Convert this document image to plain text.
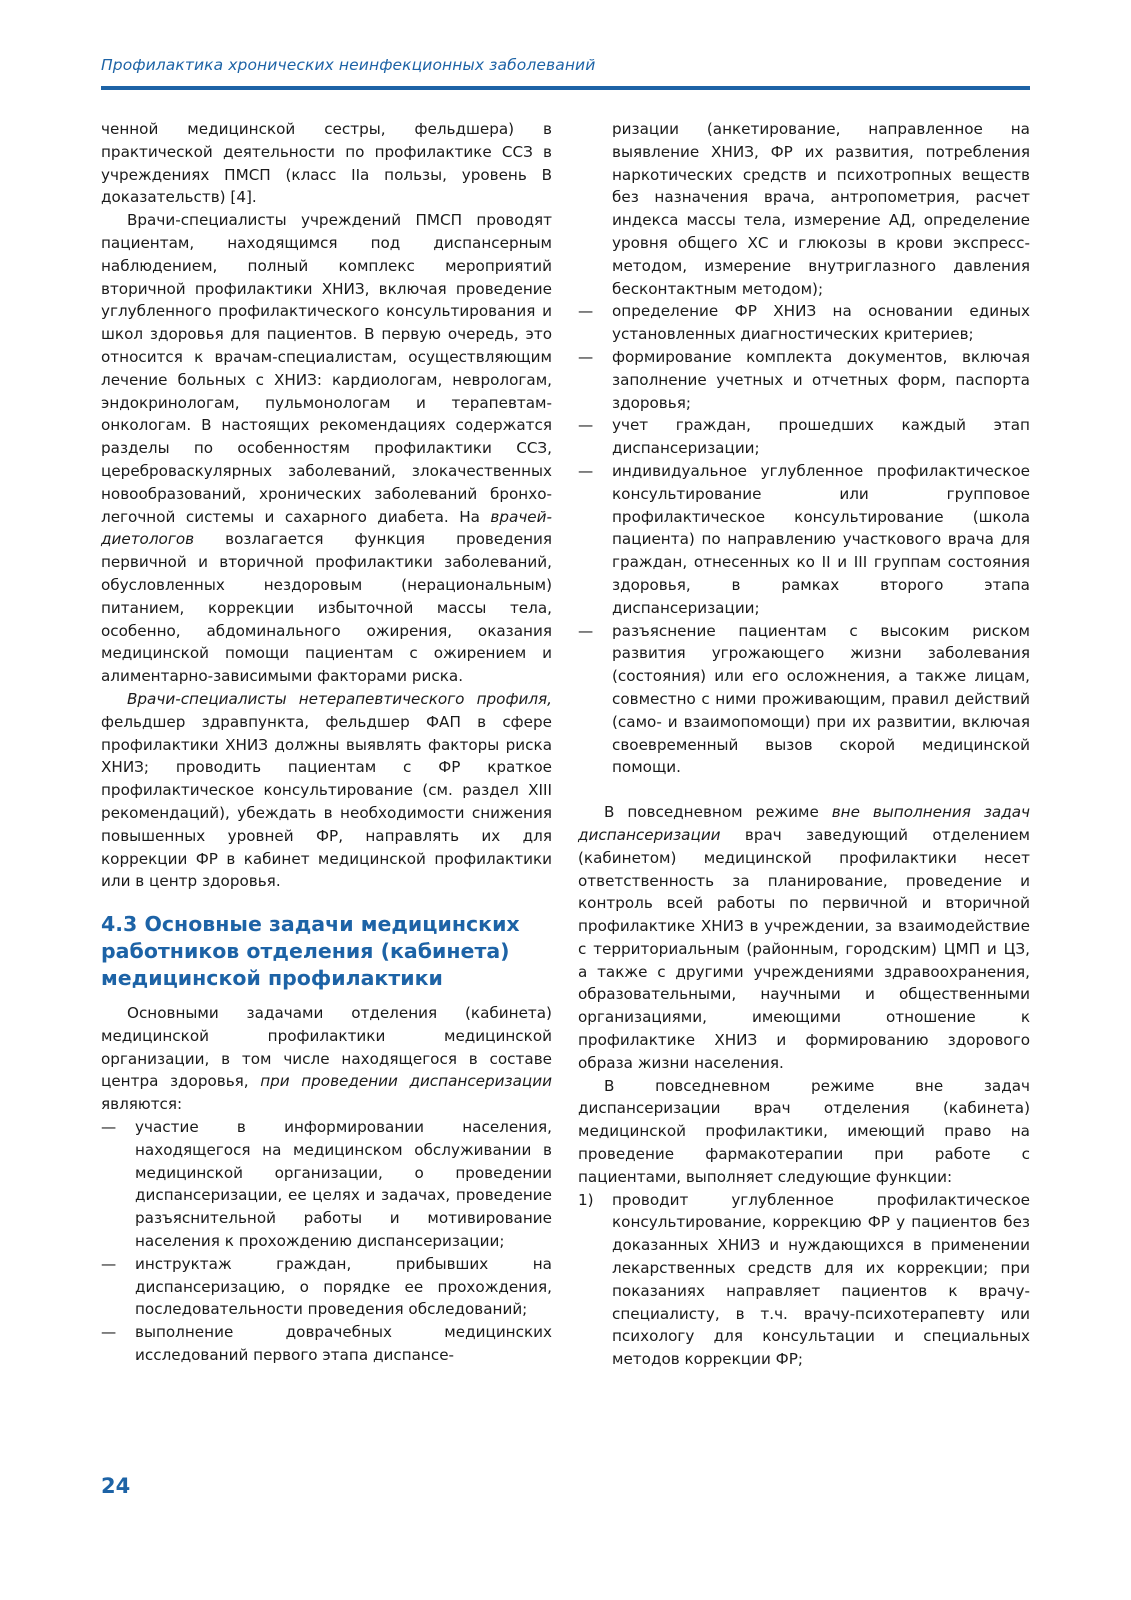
Профилактика хронических неинфекционных заболеваний

ченной медицинской сестры, фельдшера) в практической деятельности по профилактике ССЗ в учреждениях ПМСП (класс IIа пользы, уровень B доказательств) [4].

Врачи-специалисты учреждений ПМСП проводят пациентам, находящимся под диспансерным наблюдением, полный комплекс мероприятий вторичной профилактики ХНИЗ, включая проведение углубленного профилактического консультирования и школ здоровья для пациентов. В первую очередь, это относится к врачам-специалистам, осуществляющим лечение больных с ХНИЗ: кардиологам, неврологам, эндокринологам, пульмонологам и терапевтам-онкологам. В настоящих рекомендациях содержатся разделы по особенностям профилактики ССЗ, цереброваскулярных заболеваний, злокачественных новообразований, хронических заболеваний бронхо-легочной системы и сахарного диабета. На врачей-диетологов возлагается функция проведения первичной и вторичной профилактики заболеваний, обусловленных нездоровым (нерациональным) питанием, коррекции избыточной массы тела, особенно, абдоминального ожирения, оказания медицинской помощи пациентам с ожирением и алиментарно-зависимыми факторами риска.

Врачи-специалисты нетерапевтического профиля, фельдшер здравпункта, фельдшер ФАП в сфере профилактики ХНИЗ должны выявлять факторы риска ХНИЗ; проводить пациентам с ФР краткое профилактическое консультирование (см. раздел XIII рекомендаций), убеждать в необходимости снижения повышенных уровней ФР, направлять их для коррекции ФР в кабинет медицинской профилактики или в центр здоровья.

4.3 Основные задачи медицинских работников отделения (кабинета) медицинской профилактики

Основными задачами отделения (кабинета) медицинской профилактики медицинской организации, в том числе находящегося в составе центра здоровья, при проведении диспансеризации являются:

—	участие в информировании населения, находящегося на медицинском обслуживании в медицинской организации, о проведении диспансеризации, ее целях и задачах, проведение разъяснительной работы и мотивирование населения к прохождению диспансеризации;
—	инструктаж граждан, прибывших на диспансеризацию, о порядке ее прохождения, последовательности проведения обследований;
—	выполнение доврачебных медицинских исследований первого этапа диспансе-

ризации (анкетирование, направленное на выявление ХНИЗ, ФР их развития, потребления наркотических средств и психотропных веществ без назначения врача, антропометрия, расчет индекса массы тела, измерение АД, определение уровня общего ХС и глюкозы в крови экспресс-методом, измерение внутриглазного давления бесконтактным методом);

—	определение ФР ХНИЗ на основании единых установленных диагностических критериев;
—	формирование комплекта документов, включая заполнение учетных и отчетных форм, паспорта здоровья;
—	учет граждан, прошедших каждый этап диспансеризации;
—	индивидуальное углубленное профилактическое консультирование или групповое профилактическое консультирование (школа пациента) по направлению участкового врача для граждан, отнесенных ко II и III группам состояния здоровья, в рамках второго этапа диспансеризации;
—	разъяснение пациентам с высоким риском развития угрожающего жизни заболевания (состояния) или его осложнения, а также лицам, совместно с ними проживающим, правил действий (само- и взаимопомощи) при их развитии, включая своевременный вызов скорой медицинской помощи.

В повседневном режиме вне выполнения задач диспансеризации врач заведующий отделением (кабинетом) медицинской профилактики несет ответственность за планирование, проведение и контроль всей работы по первичной и вторичной профилактике ХНИЗ в учреждении, за взаимодействие с территориальным (районным, городским) ЦМП и ЦЗ, а также с другими учреждениями здравоохранения, образовательными, научными и общественными организациями, имеющими отношение к профилактике ХНИЗ и формированию здорового образа жизни населения.

В повседневном режиме вне задач диспансеризации врач отделения (кабинета) медицинской профилактики, имеющий право на проведение фармакотерапии при работе с пациентами, выполняет следующие функции:

1)	проводит углубленное профилактическое консультирование, коррекцию ФР у пациентов без доказанных ХНИЗ и нуждающихся в применении лекарственных средств для их коррекции; при показаниях направляет пациентов к врачу-специалисту, в т.ч. врачу-психотерапевту или психологу для консультации и специальных методов коррекции ФР;
24
